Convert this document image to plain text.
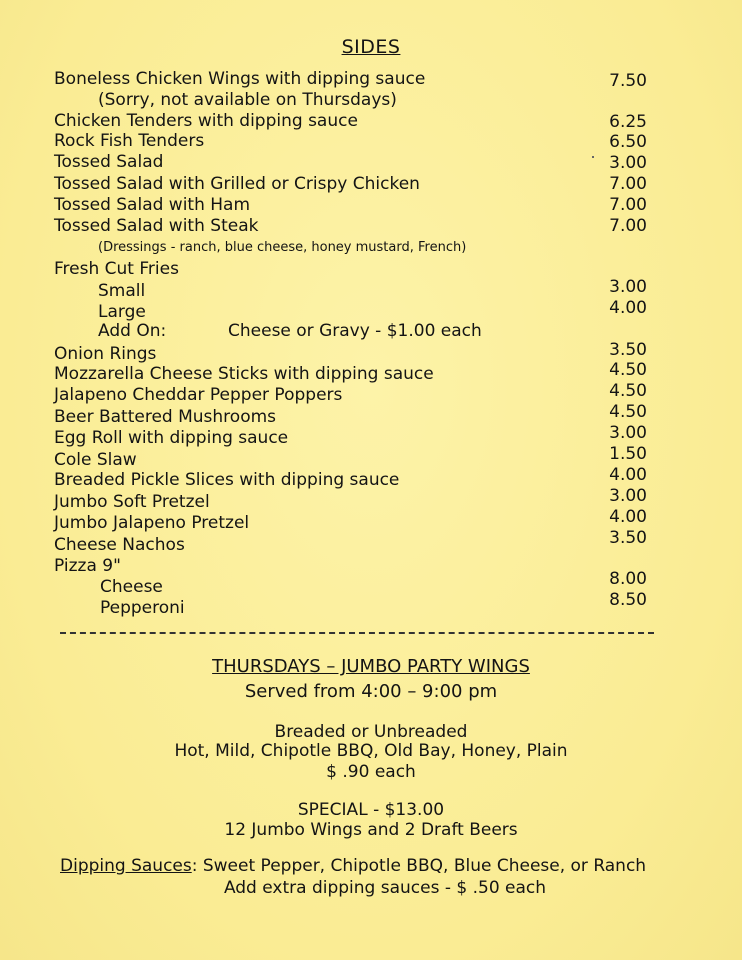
SIDES
Boneless Chicken Wings with dipping sauce	7.50
(Sorry, not available on Thursdays)
Chicken Tenders with dipping sauce	6.25
Rock Fish Tenders	6.50
Tossed Salad	3.00
Tossed Salad with Grilled or Crispy Chicken	7.00
Tossed Salad with Ham	7.00
Tossed Salad with Steak	7.00
(Dressings - ranch, blue cheese, honey mustard, French)
Fresh Cut Fries
Small	3.00
Large	4.00
Add On:	Cheese or Gravy - $1.00 each
Onion Rings	3.50
Mozzarella Cheese Sticks with dipping sauce	4.50
Jalapeno Cheddar Pepper Poppers	4.50
Beer Battered Mushrooms	4.50
Egg Roll with dipping sauce	3.00
Cole Slaw	1.50
Breaded Pickle Slices with dipping sauce	4.00
Jumbo Soft Pretzel	3.00
Jumbo Jalapeno Pretzel	4.00
Cheese Nachos	3.50
Pizza 9"
Cheese	8.00
Pepperoni	8.50
THURSDAYS – JUMBO PARTY WINGS
Served from 4:00 – 9:00 pm
Breaded or Unbreaded
Hot, Mild, Chipotle BBQ, Old Bay, Honey, Plain
$ .90 each
SPECIAL - $13.00
12 Jumbo Wings and 2 Draft Beers
Dipping Sauces: Sweet Pepper, Chipotle BBQ, Blue Cheese, or Ranch
Add extra dipping sauces - $ .50 each
